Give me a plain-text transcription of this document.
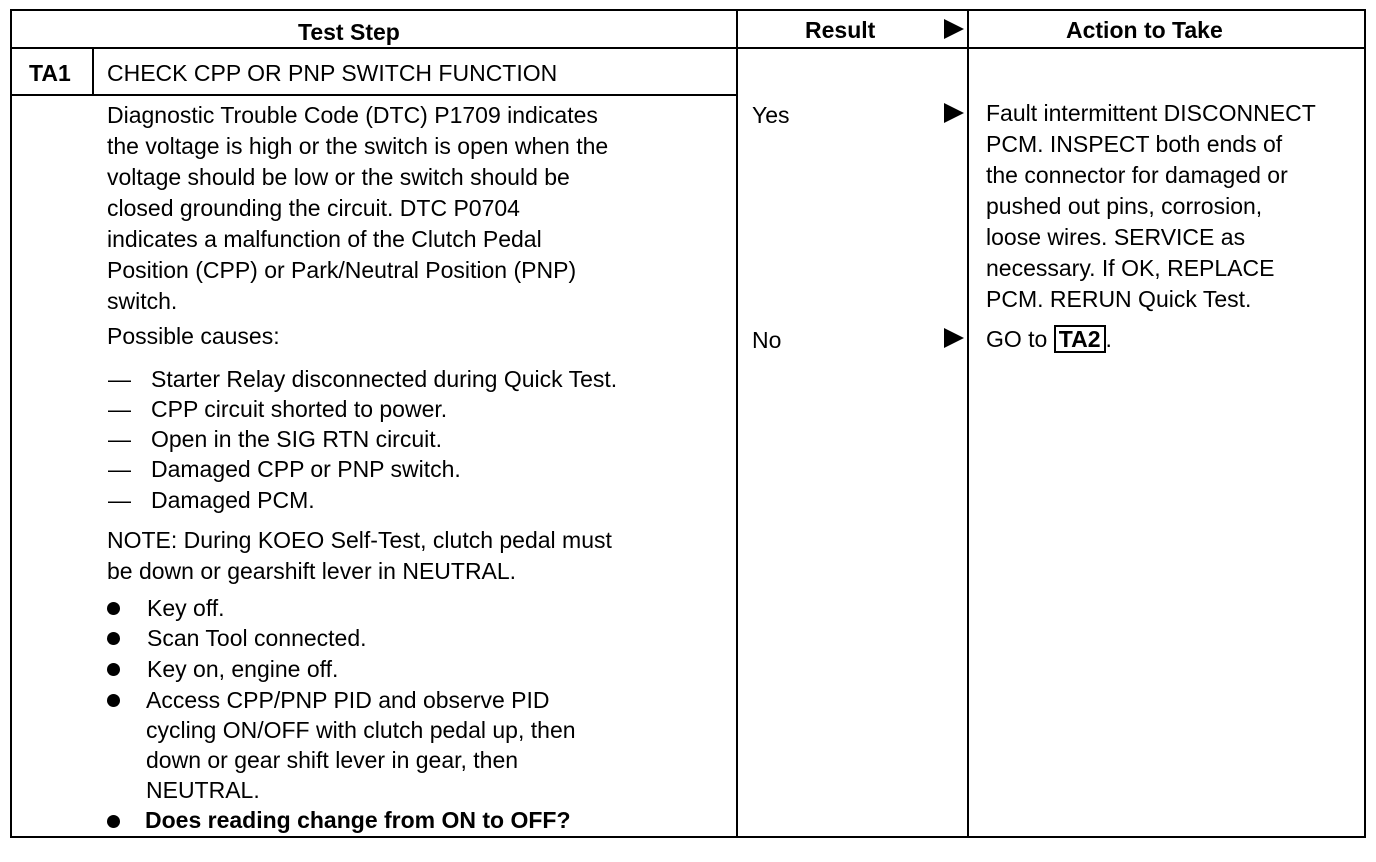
Test Step	Result	Action to Take
TA1 CHECK CPP OR PNP SWITCH FUNCTION
Diagnostic Trouble Code (DTC) P1709 indicates
the voltage is high or the switch is open when the
voltage should be low or the switch should be
closed grounding the circuit. DTC P0704
indicates a malfunction of the Clutch Pedal
Position (CPP) or Park/Neutral Position (PNP)
switch.
Possible causes:
— Starter Relay disconnected during Quick Test.
— CPP circuit shorted to power.
— Open in the SIG RTN circuit.
— Damaged CPP or PNP switch.
— Damaged PCM.
NOTE: During KOEO Self-Test, clutch pedal must
be down or gearshift lever in NEUTRAL.
Key off.
Scan Tool connected.
Key on, engine off.
Access CPP/PNP PID and observe PID
cycling ON/OFF with clutch pedal up, then
down or gear shift lever in gear, then
NEUTRAL.
Does reading change from ON to OFF?
Yes	Fault intermittent DISCONNECT
PCM. INSPECT both ends of
the connector for damaged or
pushed out pins, corrosion,
loose wires. SERVICE as
necessary. If OK, REPLACE
PCM. RERUN Quick Test.
No	GO to TA2 .
